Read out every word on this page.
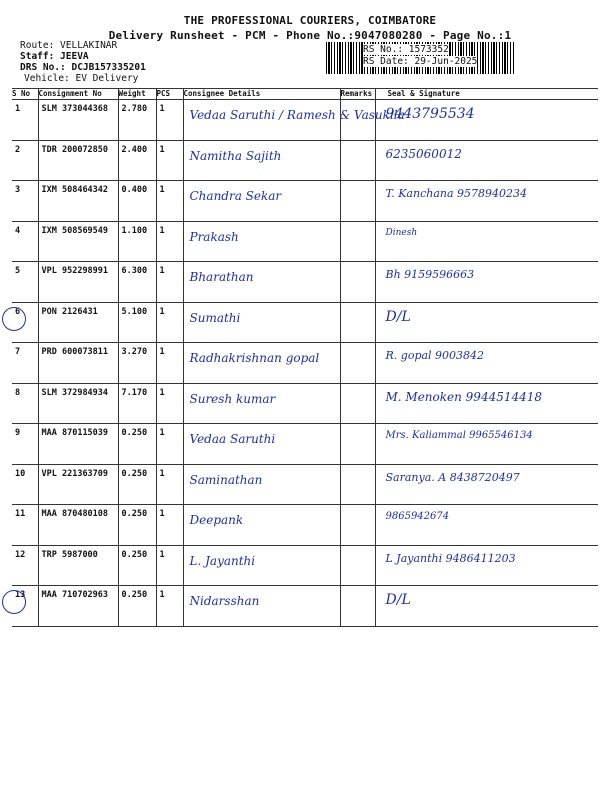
THE PROFESSIONAL COURIERS, COIMBATORE
Delivery Runsheet - PCM - Phone No.:9047080280 - Page No.:1
Route: VELLAKINAR
Staff: JEEVA
DRS No.: DCJB157335201
Vehicle: EV Delivery
RS No.: 1573352
RS Date: 29-Jun-2025
S No	Consignment No	Weight	PCS	Consignee Details	Remarks	Seal & Signature

1	SLM 373044368	2.780	1	Vedaa Saruthi / Ramesh & Vasukila		9443795534

2	TDR 200072850	2.400	1	Namitha Sajith		6235060012

3	IXM 508464342	0.400	1	Chandra Sekar		T. Kanchana 9578940234

4	IXM 508569549	1.100	1	Prakash		Dinesh

5	VPL 952298991	6.300	1	Bharathan		Bh 9159596663

6	PON 2126431	5.100	1	Sumathi		D/L

7	PRD 600073811	3.270	1	Radhakrishnan gopal		R. gopal 9003842

8	SLM 372984934	7.170	1	Suresh kumar		M. Menoken 9944514418

9	MAA 870115039	0.250	1	Vedaa Saruthi		Mrs. Kaliammal 9965546134

10	VPL 221363709	0.250	1	Saminathan		Saranya. A 8438720497

11	MAA 870480108	0.250	1	Deepank		9865942674

12	TRP 5987000	0.250	1	L. Jayanthi		L Jayanthi 9486411203

13	MAA 710702963	0.250	1	Nidarsshan		D/L
